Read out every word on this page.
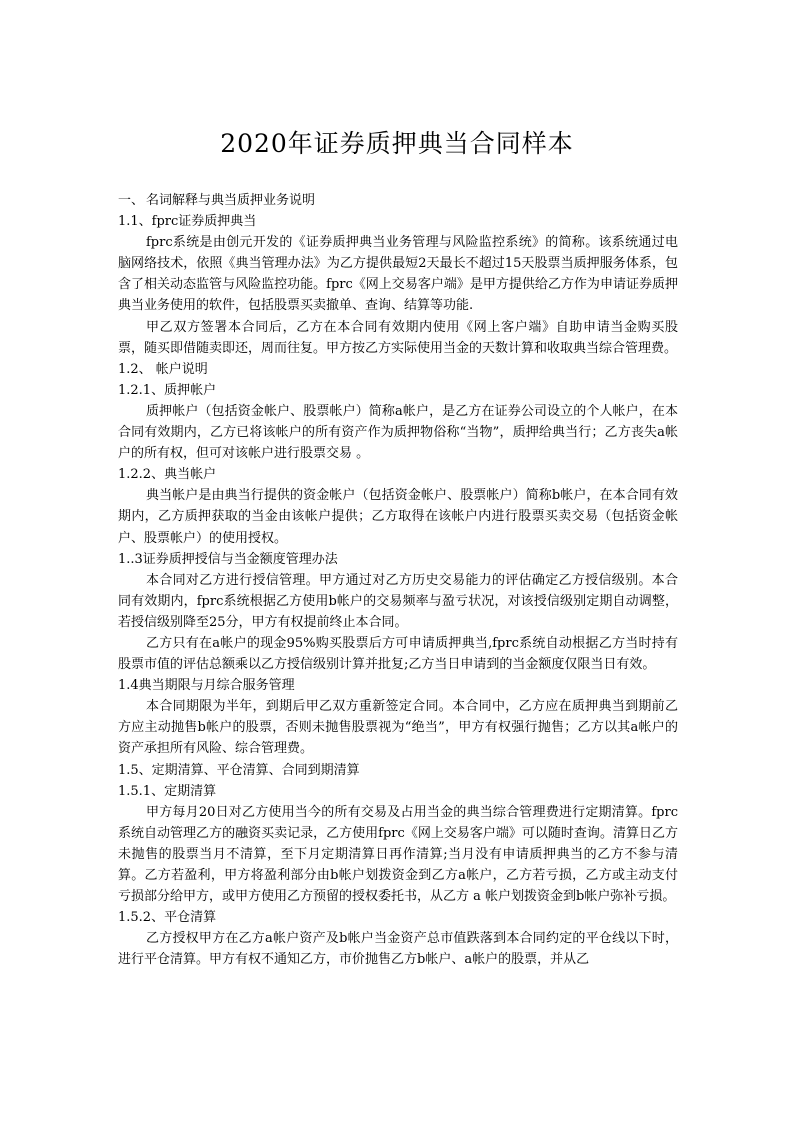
2020年证券质押典当合同样本

一、 名词解释与典当质押业务说明

1.1、fprc证券质押典当

fprc系统是由创元开发的《证券质押典当业务管理与风险监控系统》的简称。该系统通过电脑网络技术，依照《典当管理办法》为乙方提供最短2天最长不超过15天股票当质押服务体系，包含了相关动态监管与风险监控功能。fprc《网上交易客户端》是甲方提供给乙方作为申请证券质押典当业务使用的软件，包括股票买卖撤单、查询、结算等功能.

甲乙双方签署本合同后，乙方在本合同有效期内使用《网上客户端》自助申请当金购买股票，随买即借随卖即还，周而往复。甲方按乙方实际使用当金的天数计算和收取典当综合管理费。

1.2、 帐户说明

1.2.1、质押帐户

质押帐户（包括资金帐户、股票帐户）简称a帐户，是乙方在证券公司设立的个人帐户，在本合同有效期内，乙方已将该帐户的所有资产作为质押物俗称“当物”，质押给典当行；乙方丧失a帐户的所有权，但可对该帐户进行股票交易 。

1.2.2、典当帐户

典当帐户是由典当行提供的资金帐户（包括资金帐户、股票帐户）简称b帐户，在本合同有效期内，乙方质押获取的当金由该帐户提供；乙方取得在该帐户内进行股票买卖交易（包括资金帐户、股票帐户）的使用授权。

1..3证券质押授信与当金额度管理办法

本合同对乙方进行授信管理。甲方通过对乙方历史交易能力的评估确定乙方授信级别。本合同有效期内，fprc系统根据乙方使用b帐户的交易频率与盈亏状况，对该授信级别定期自动调整，若授信级别降至25分，甲方有权提前终止本合同。

乙方只有在a帐户的现金95%购买股票后方可申请质押典当,fprc系统自动根据乙方当时持有股票市值的评估总额乘以乙方授信级别计算并批复;乙方当日申请到的当金额度仅限当日有效。

1.4典当期限与月综合服务管理

本合同期限为半年，到期后甲乙双方重新签定合同。本合同中，乙方应在质押典当到期前乙方应主动抛售b帐户的股票，否则未抛售股票视为“绝当”，甲方有权强行抛售；乙方以其a帐户的资产承担所有风险、综合管理费。

1.5、定期清算、平仓清算、合同到期清算

1.5.1、定期清算

甲方每月20日对乙方使用当今的所有交易及占用当金的典当综合管理费进行定期清算。fprc系统自动管理乙方的融资买卖记录，乙方使用fprc《网上交易客户端》可以随时查询。清算日乙方未抛售的股票当月不清算，至下月定期清算日再作清算;当月没有申请质押典当的乙方不参与清算。乙方若盈利，甲方将盈利部分由b帐户划拨资金到乙方a帐户，乙方若亏损，乙方或主动支付亏损部分给甲方，或甲方使用乙方预留的授权委托书，从乙方 a 帐户划拨资金到b帐户弥补亏损。

1.5.2、平仓清算

乙方授权甲方在乙方a帐户资产及b帐户当金资产总市值跌落到本合同约定的平仓线以下时，进行平仓清算。甲方有权不通知乙方，市价抛售乙方b帐户、a帐户的股票，并从乙
